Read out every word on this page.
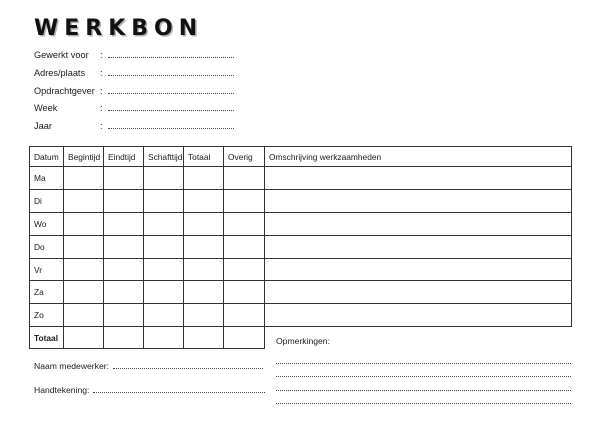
WERKBON
Gewerkt voor	:
Adres/plaats	:
Opdrachtgever :
Week	:
Jaar	:
Datum	Begintijd	Eindtijd	Schafttijd	Totaal	Overig	Omschrijving werkzaamheden
Ma						
Di						
Wo						
Do						
Vr						
Za						
Zo						
Totaal							Opmerkingen:
Naam medewerker:
Handtekening:
